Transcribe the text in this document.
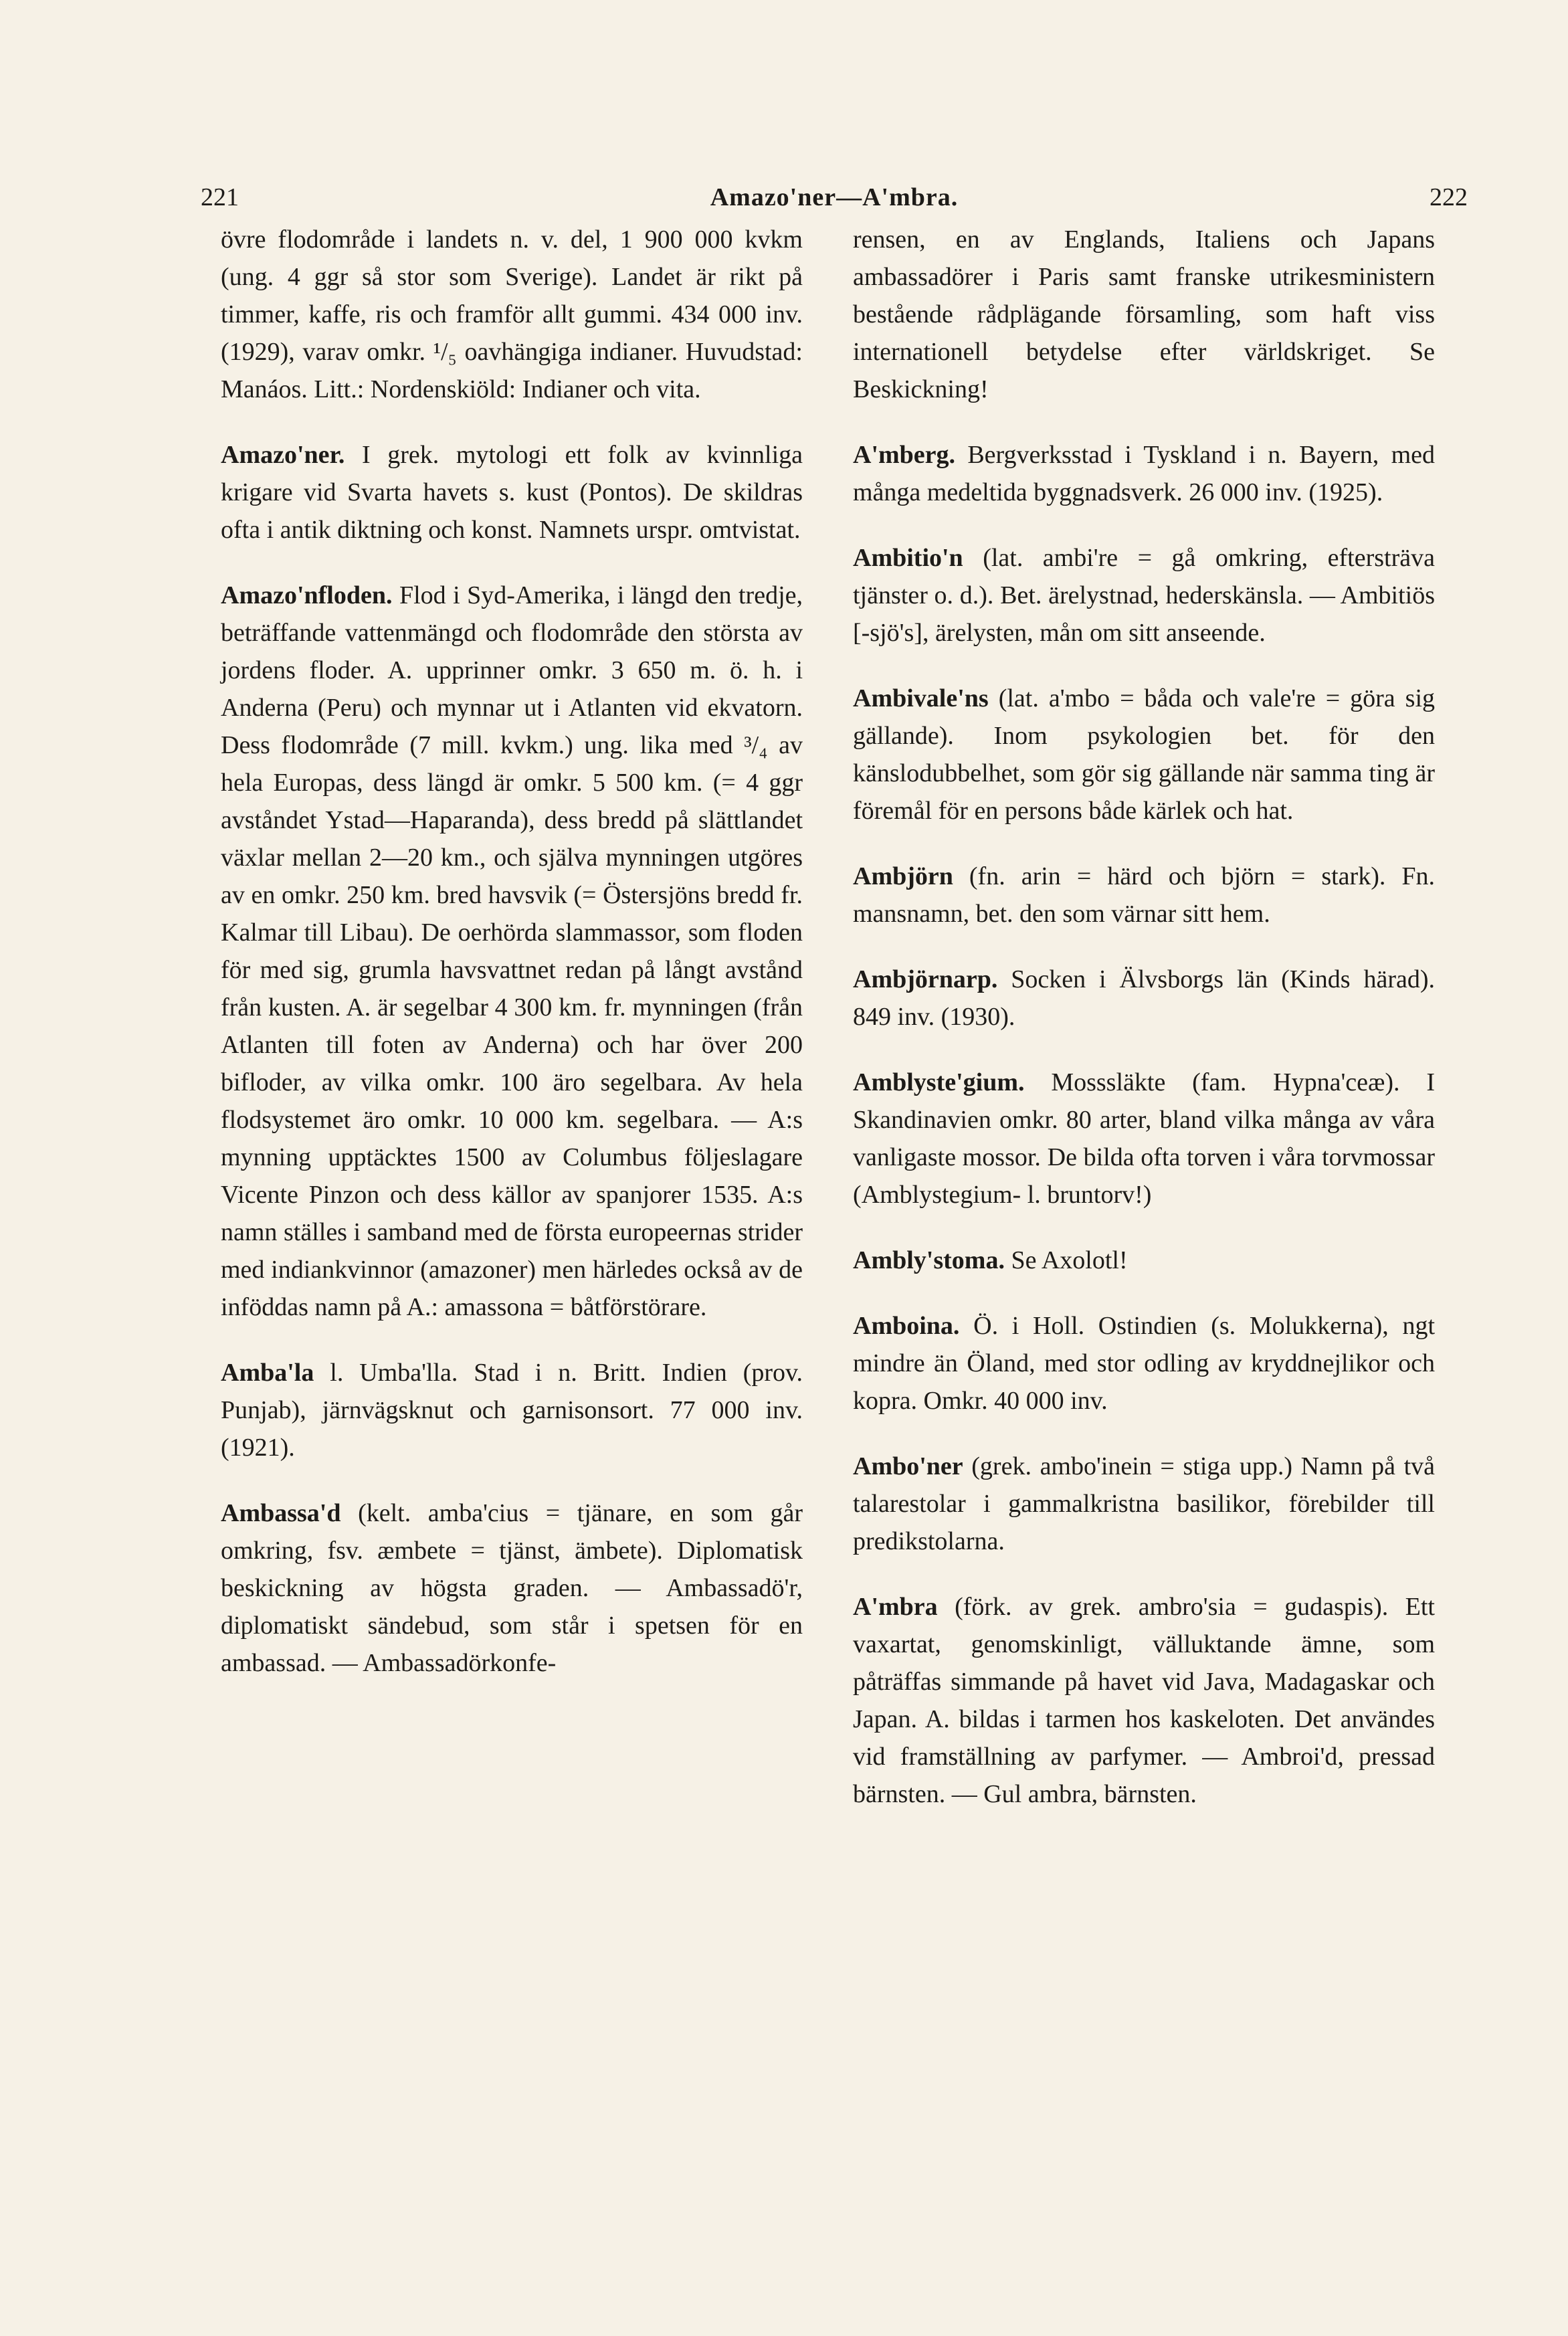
221	Amazo'ner—A'mbra.	222

övre flodområde i landets n. v. del, 1 900 000 kvkm (ung. 4 ggr så stor som Sverige). Landet är rikt på timmer, kaffe, ris och framför allt gummi. 434 000 inv. (1929), varav omkr. ¹/₅ oavhängiga indianer. Huvudstad: Manáos. Litt.: Nordenskiöld: Indianer och vita.

Amazo'ner. I grek. mytologi ett folk av kvinnliga krigare vid Svarta havets s. kust (Pontos). De skildras ofta i antik diktning och konst. Namnets urspr. omtvistat.

Amazo'nfloden. Flod i Syd-Amerika, i längd den tredje, beträffande vattenmängd och flodområde den största av jordens floder. A. upprinner omkr. 3 650 m. ö. h. i Anderna (Peru) och mynnar ut i Atlanten vid ekvatorn. Dess flodområde (7 mill. kvkm.) ung. lika med ³/₄ av hela Europas, dess längd är omkr. 5 500 km. (= 4 ggr avståndet Ystad—Haparanda), dess bredd på slättlandet växlar mellan 2—20 km., och själva mynningen utgöres av en omkr. 250 km. bred havsvik (= Östersjöns bredd fr. Kalmar till Libau). De oerhörda slammassor, som floden för med sig, grumla havsvattnet redan på långt avstånd från kusten. A. är segelbar 4 300 km. fr. mynningen (från Atlanten till foten av Anderna) och har över 200 bifloder, av vilka omkr. 100 äro segelbara. Av hela flodsystemet äro omkr. 10 000 km. segelbara. — A:s mynning upptäcktes 1500 av Columbus följeslagare Vicente Pinzon och dess källor av spanjorer 1535. A:s namn ställes i samband med de första europeernas strider med indiankvinnor (amazoner) men härledes också av de inföddas namn på A.: amassona = båtförstörare.

Amba'la l. Umba'lla. Stad i n. Britt. Indien (prov. Punjab), järnvägsknut och garnisonsort. 77 000 inv. (1921).

Ambassa'd (kelt. amba'cius = tjänare, en som går omkring, fsv. æmbete = tjänst, ämbete). Diplomatisk beskickning av högsta graden. — Ambassadö'r, diplomatiskt sändebud, som står i spetsen för en ambassad. — Ambassadörkonfe-

rensen, en av Englands, Italiens och Japans ambassadörer i Paris samt franske utrikesministern bestående rådplägande församling, som haft viss internationell betydelse efter världskriget. Se Beskickning!

A'mberg. Bergverksstad i Tyskland i n. Bayern, med många medeltida byggnadsverk. 26 000 inv. (1925).

Ambitio'n (lat. ambi're = gå omkring, eftersträva tjänster o. d.). Bet. ärelystnad, hederskänsla. — Ambitiös [-sjö's], ärelysten, mån om sitt anseende.

Ambivale'ns (lat. a'mbo = båda och vale're = göra sig gällande). Inom psykologien bet. för den känslodubbelhet, som gör sig gällande när samma ting är föremål för en persons både kärlek och hat.

Ambjörn (fn. arin = härd och björn = stark). Fn. mansnamn, bet. den som värnar sitt hem.

Ambjörnarp. Socken i Älvsborgs län (Kinds härad). 849 inv. (1930).

Amblyste'gium. Mosssläkte (fam. Hypna'ceæ). I Skandinavien omkr. 80 arter, bland vilka många av våra vanligaste mossor. De bilda ofta torven i våra torvmossar (Amblystegium- l. bruntorv!)

Ambly'stoma. Se Axolotl!

Amboina. Ö. i Holl. Ostindien (s. Molukkerna), ngt mindre än Öland, med stor odling av kryddnejlikor och kopra. Omkr. 40 000 inv.

Ambo'ner (grek. ambo'inein = stiga upp.) Namn på två talarestolar i gammalkristna basilikor, förebilder till predikstolarna.

A'mbra (förk. av grek. ambro'sia = gudaspis). Ett vaxartat, genomskinligt, välluktande ämne, som påträffas simmande på havet vid Java, Madagaskar och Japan. A. bildas i tarmen hos kaskeloten. Det användes vid framställning av parfymer. — Ambroi'd, pressad bärnsten. — Gul ambra, bärnsten.
